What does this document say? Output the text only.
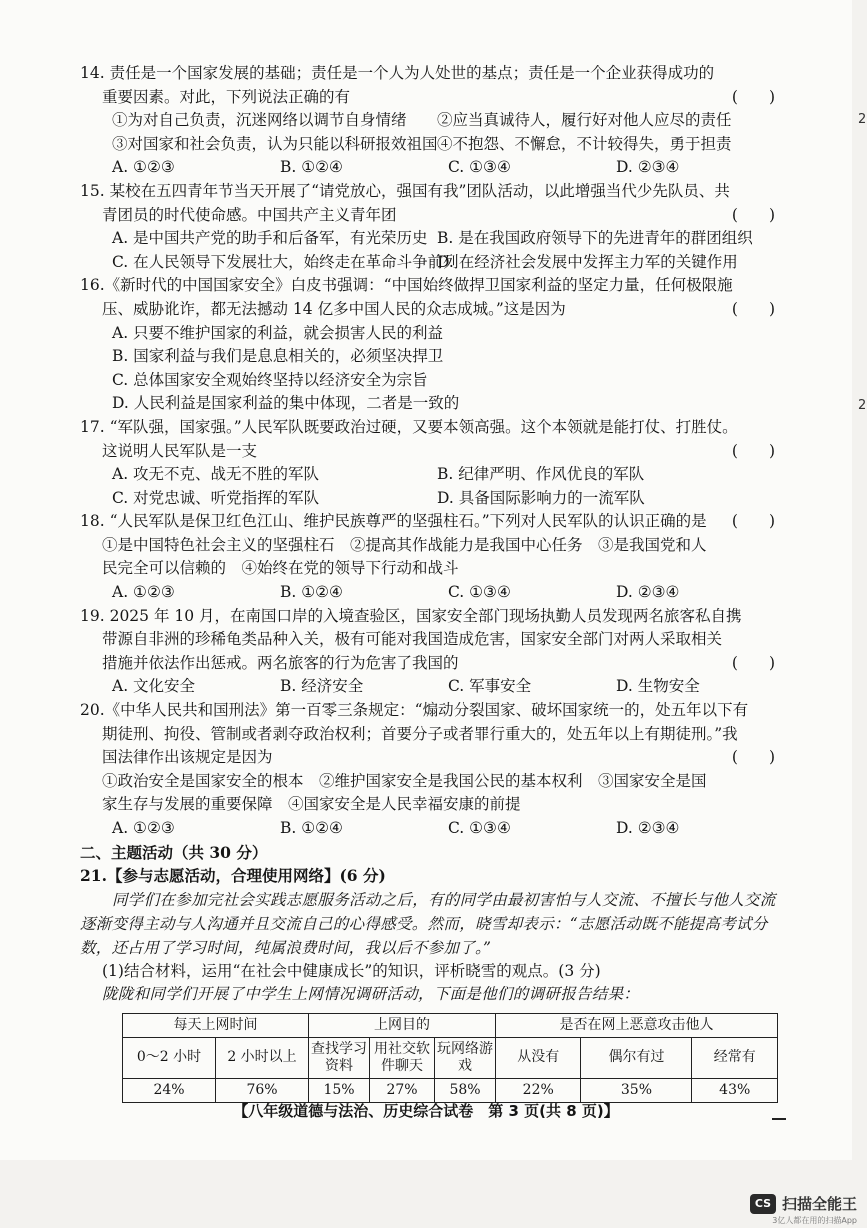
14. 责任是一个国家发展的基础；责任是一个人为人处世的基点；责任是一个企业获得成功的
重要因素。对此，下列说法正确的有	(　　)
①为对自己负责，沉迷网络以调节自身情绪	②应当真诚待人，履行好对他人应尽的责任
③对国家和社会负责，认为只能以科研报效祖国 ④不抱怨、不懈怠，不计较得失，勇于担责
A. ①②③	B. ①②④	C. ①③④	D. ②③④
15. 某校在五四青年节当天开展了“请党放心，强国有我”团队活动，以此增强当代少先队员、共
青团员的时代使命感。中国共产主义青年团	(　　)
A. 是中国共产党的助手和后备军，有光荣历史 B. 是在我国政府领导下的先进青年的群团组织
C. 在人民领导下发展壮大，始终走在革命斗争前列
D. 在经济社会发展中发挥主力军的关键作用
16.《新时代的中国国家安全》白皮书强调：“中国始终做捍卫国家利益的坚定力量，任何极限施
压、威胁讹诈，都无法撼动 14 亿多中国人民的众志成城。”这是因为	(　　)
A. 只要不维护国家的利益，就会损害人民的利益
B. 国家利益与我们是息息相关的，必须坚决捍卫
C. 总体国家安全观始终坚持以经济安全为宗旨
D. 人民利益是国家利益的集中体现，二者是一致的
17. “军队强，国家强。”人民军队既要政治过硬，又要本领高强。这个本领就是能打仗、打胜仗。
这说明人民军队是一支	(　　)
A. 攻无不克、战无不胜的军队	B. 纪律严明、作风优良的军队
C. 对党忠诚、听党指挥的军队	D. 具备国际影响力的一流军队
18. “人民军队是保卫红色江山、维护民族尊严的坚强柱石。”下列对人民军队的认识正确的是 (　　)
①是中国特色社会主义的坚强柱石　②提高其作战能力是我国中心任务　③是我国党和人
民完全可以信赖的　④始终在党的领导下行动和战斗
A. ①②③	B. ①②④	C. ①③④	D. ②③④
19. 2025 年 10 月，在南国口岸的入境查验区，国家安全部门现场执勤人员发现两名旅客私自携
带源自非洲的珍稀龟类品种入关，极有可能对我国造成危害，国家安全部门对两人采取相关
措施并依法作出惩戒。两名旅客的行为危害了我国的	(　　)
A. 文化安全	B. 经济安全	C. 军事安全	D. 生物安全
20.《中华人民共和国刑法》第一百零三条规定：“煽动分裂国家、破坏国家统一的，处五年以下有
期徒刑、拘役、管制或者剥夺政治权利；首要分子或者罪行重大的，处五年以上有期徒刑。”我
国法律作出该规定是因为	(　　)
①政治安全是国家安全的根本　②维护国家安全是我国公民的基本权利　③国家安全是国
家生存与发展的重要保障　④国家安全是人民幸福安康的前提
A. ①②③	B. ①②④	C. ①③④	D. ②③④
二、主题活动（共 30 分）
21.【参与志愿活动，合理使用网络】(6 分)
同学们在参加完社会实践志愿服务活动之后，有的同学由最初害怕与人交流、不擅长与他人交流逐渐变得主动与人沟通并且交流自己的心得感受。然而，晓雪却表示：“志愿活动既不能提高考试分数，还占用了学习时间，纯属浪费时间，我以后不参加了。”
(1)结合材料，运用“在社会中健康成长”的知识，评析晓雪的观点。(3 分)
陇陇和同学们开展了中学生上网情况调研活动，下面是他们的调研报告结果：
每天上网时间		上网目的			是否在网上恶意攻击他人		
0～2 小时	2 小时以上	查找学习资料	用社交软件聊天	玩网络游戏	从没有	偶尔有过	经常有
24%	76%	15%	27%	58%	22%	35%	43%
【八年级道德与法治、历史综合试卷　第 3 页(共 8 页)】
2
2
CS 扫描全能王
3亿人都在用的扫描App
